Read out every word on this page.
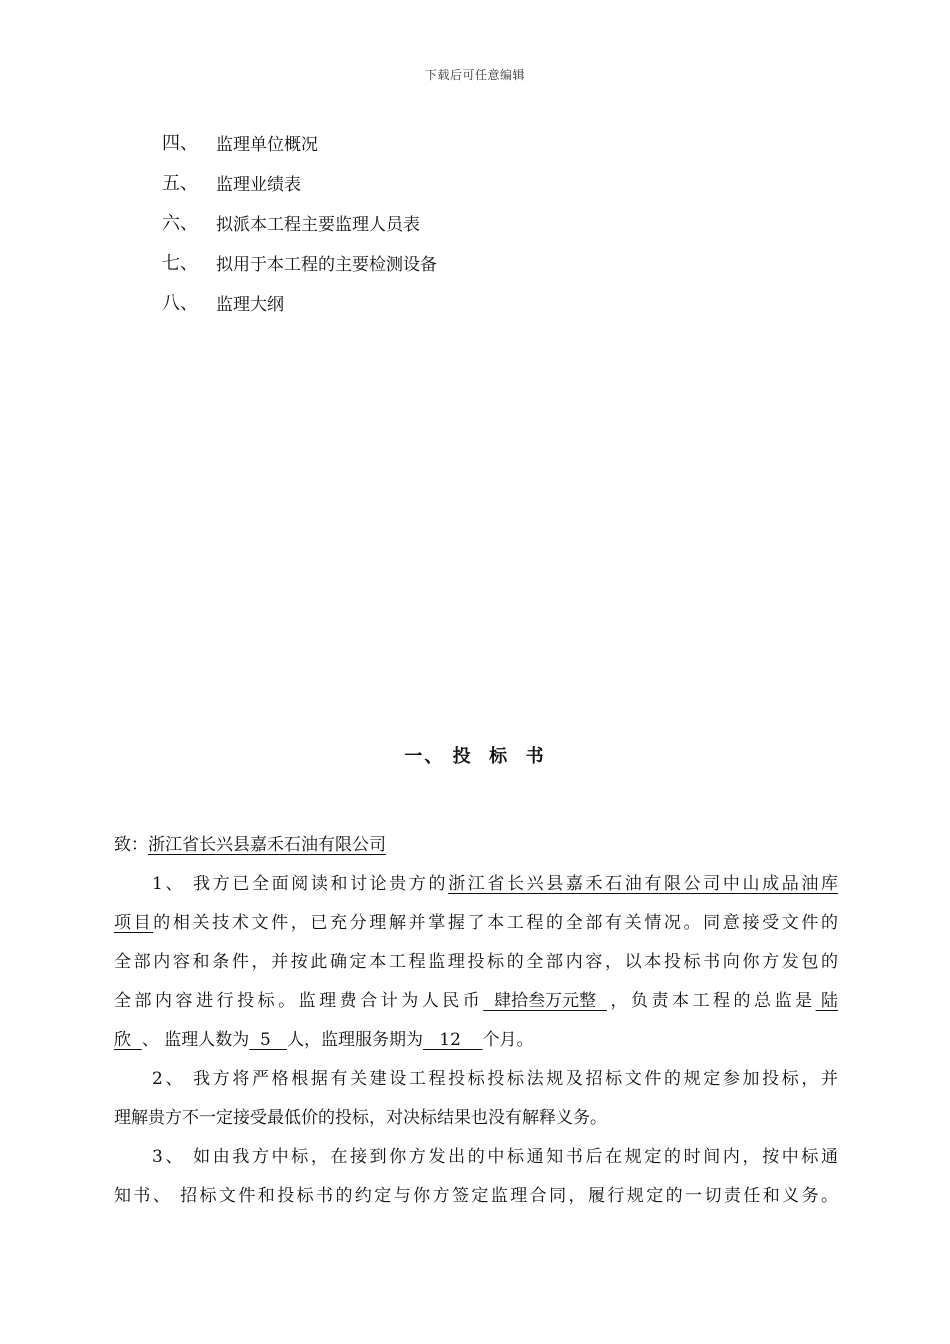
下载后可任意编辑
四、	监理单位概况
五、	监理业绩表
六、	拟派本工程主要监理人员表
七、	拟用于本工程的主要检测设备
八、	监理大纲
一、 投  标  书
致：浙江省长兴县嘉禾石油有限公司
1、 我方已全面阅读和讨论贵方的浙江省长兴县嘉禾石油有限公司中山成品油库
项目的相关技术文件，已充分理解并掌握了本工程的全部有关情况。同意接受文件的
全部内容和条件，并按此确定本工程监理投标的全部内容，以本投标书向你方发包的
全部内容进行投标。监理费合计为人民币  肆拾叁万元整  ，负责本工程的总监是 陆
欣  、 监理人数为  5   人，监理服务期为   12    个月。
2、 我方将严格根据有关建设工程投标投标法规及招标文件的规定参加投标，并
理解贵方不一定接受最低价的投标，对决标结果也没有解释义务。
3、 如由我方中标，在接到你方发出的中标通知书后在规定的时间内，按中标通
知书、 招标文件和投标书的约定与你方签定监理合同，履行规定的一切责任和义务。
